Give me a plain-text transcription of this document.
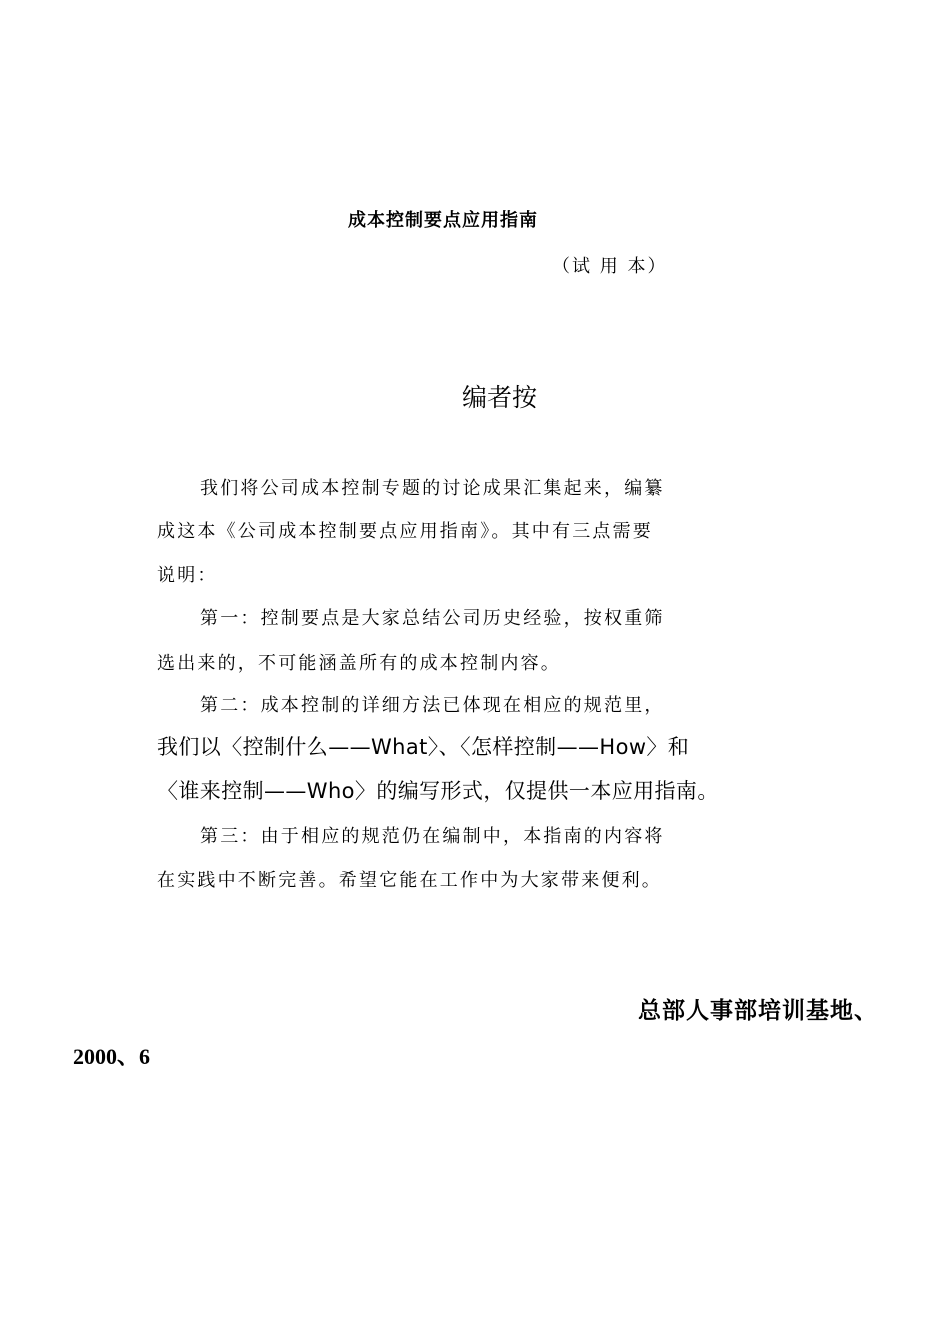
成本控制要点应用指南
（试 用 本）
编者按
我们将公司成本控制专题的讨论成果汇集起来，编纂
成这本《公司成本控制要点应用指南》。其中有三点需要
说明：
第一：控制要点是大家总结公司历史经验，按权重筛
选出来的，不可能涵盖所有的成本控制内容。
第二：成本控制的详细方法已体现在相应的规范里，
我们以〈控制什么——What〉、〈怎样控制——How〉和
〈谁来控制——Who〉的编写形式，仅提供一本应用指南。
第三：由于相应的规范仍在编制中，本指南的内容将
在实践中不断完善。希望它能在工作中为大家带来便利。
总部人事部培训基地、
2000、6
